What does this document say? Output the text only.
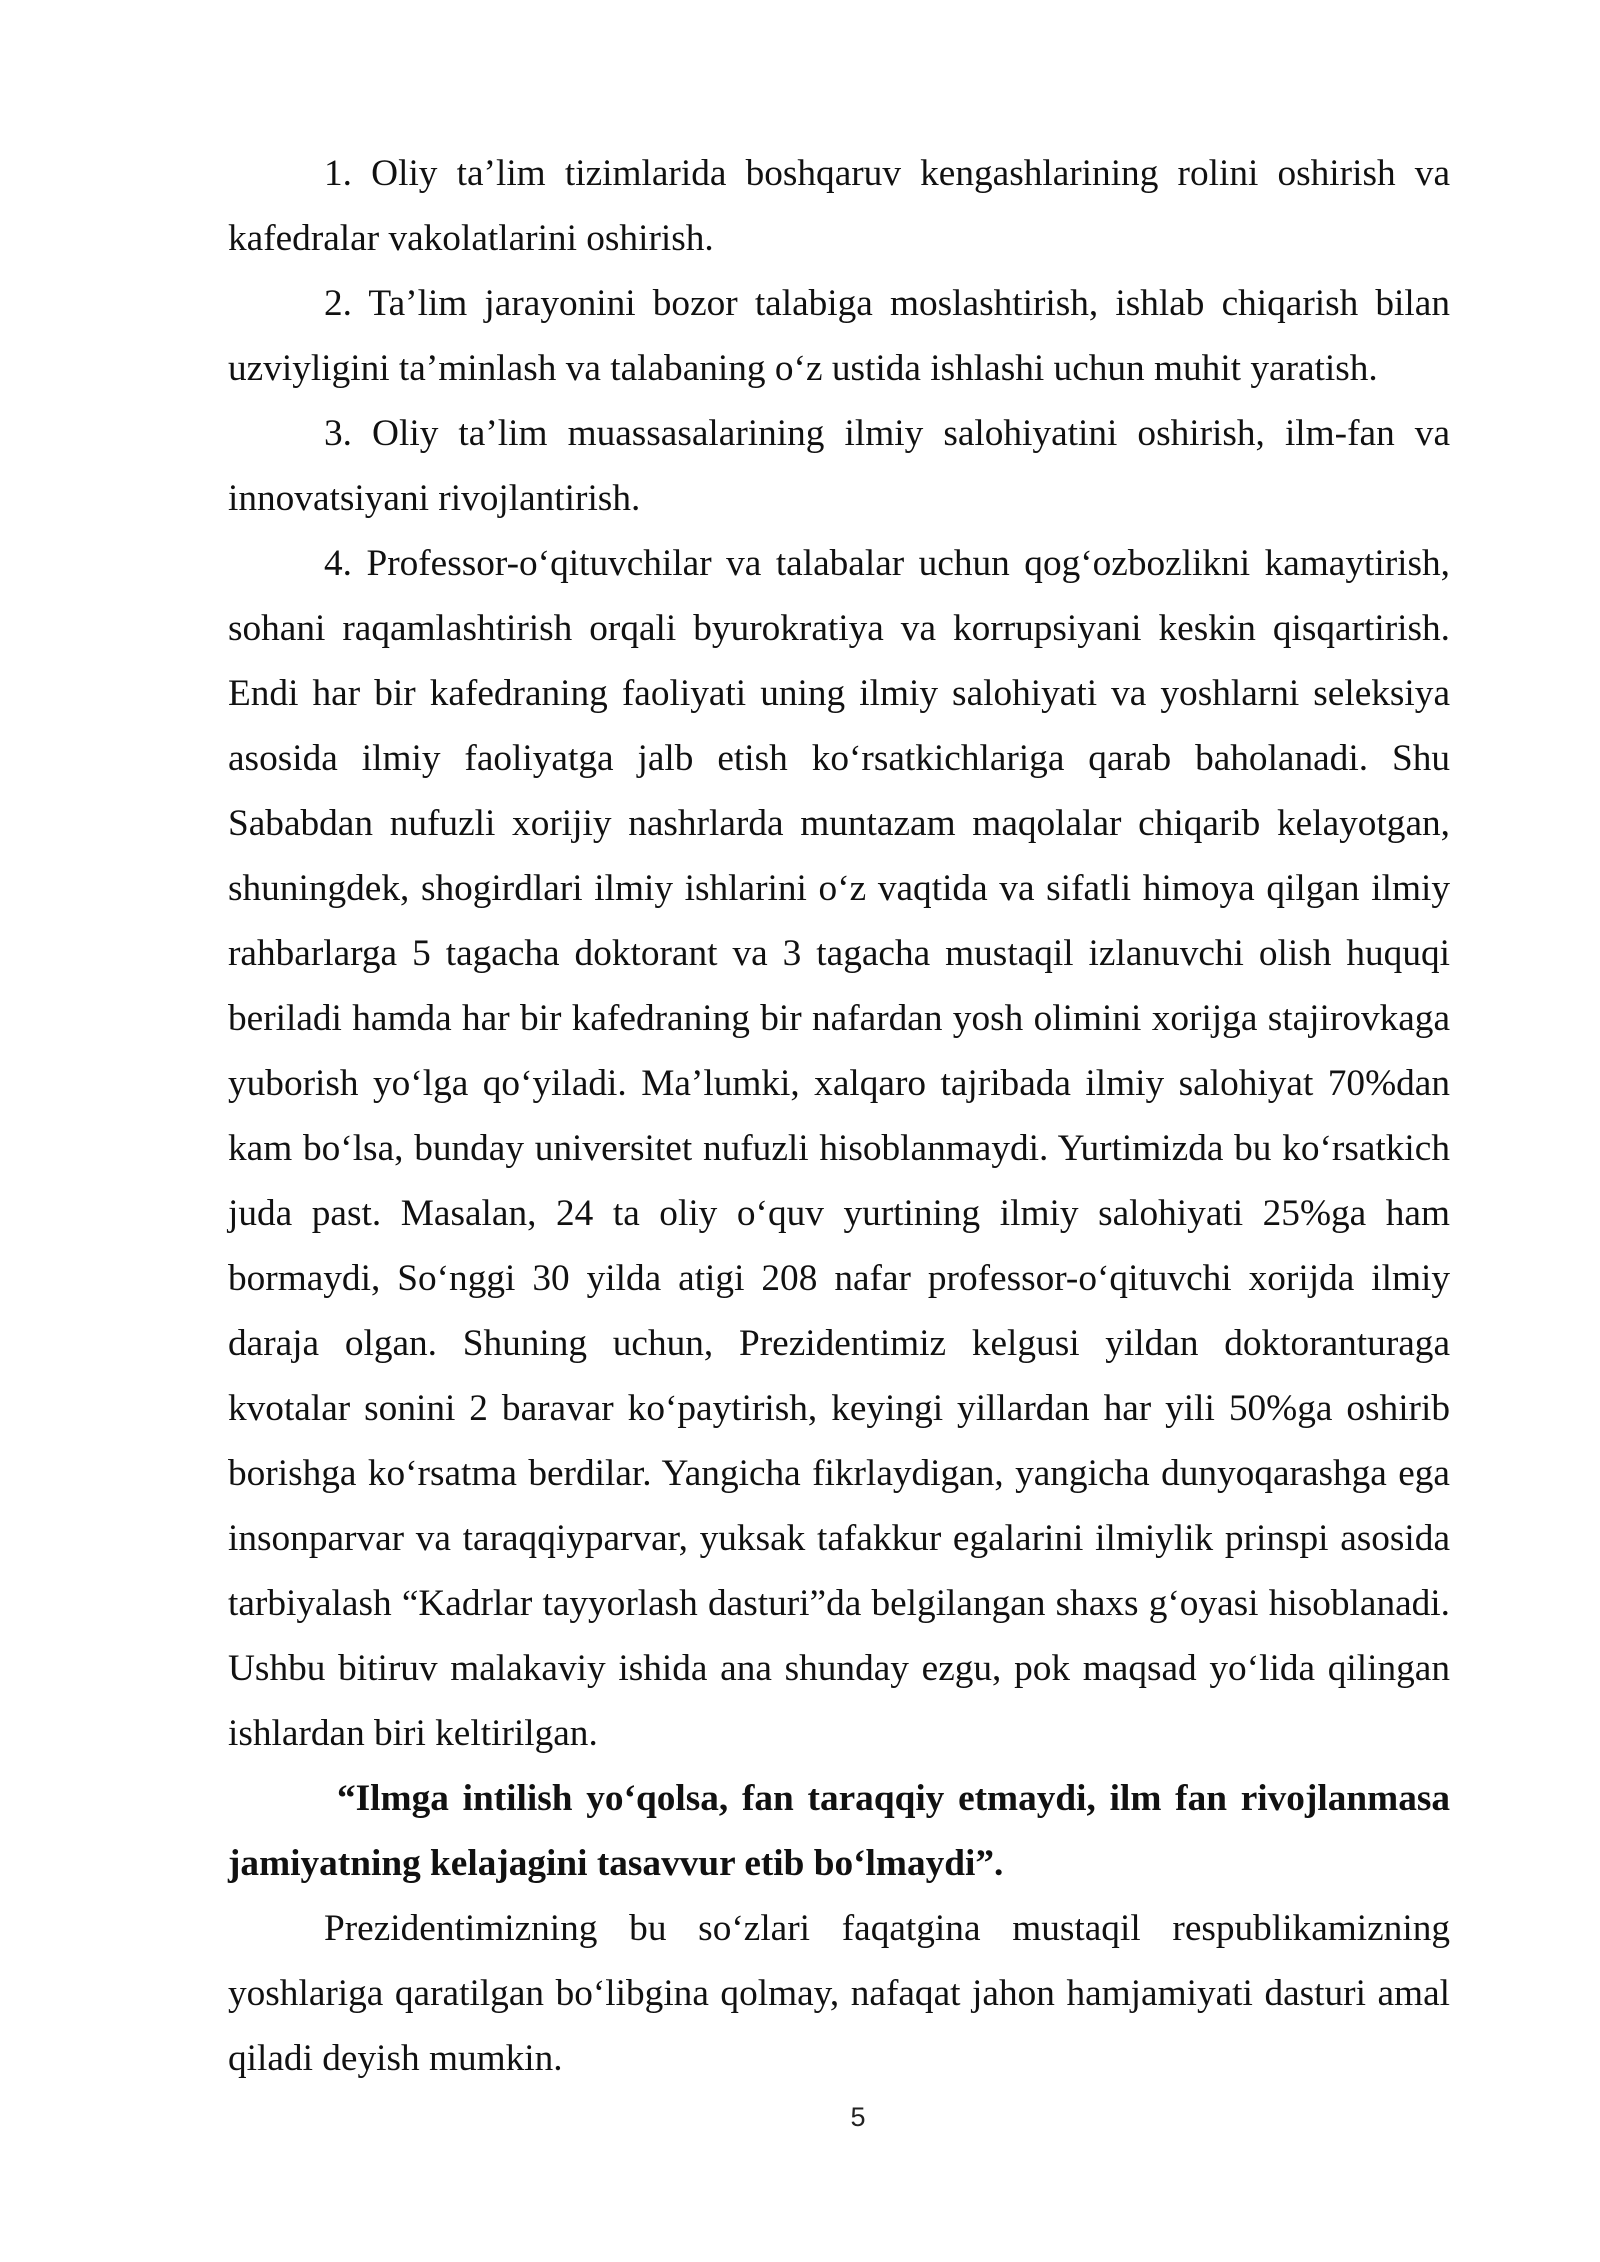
1. Oliy ta’lim tizimlarida boshqaruv kengashlarining rolini oshirish va
kafedralar vakolatlarini oshirish.
2. Ta’lim jarayonini bozor talabiga moslashtirish, ishlab chiqarish bilan
uzviyligini ta’minlash va talabaning o‘z ustida ishlashi uchun muhit yaratish.
3. Oliy ta’lim muassasalarining ilmiy salohiyatini oshirish, ilm-fan va
innovatsiyani rivojlantirish.
4. Professor-o‘qituvchilar va talabalar uchun qog‘ozbozlikni kamaytirish,
sohani raqamlashtirish orqali byurokratiya va korrupsiyani keskin qisqartirish.
Endi har bir kafedraning faoliyati uning ilmiy salohiyati va yoshlarni seleksiya
asosida ilmiy faoliyatga jalb etish ko‘rsatkichlariga qarab baholanadi. Shu
Sababdan nufuzli xorijiy nashrlarda muntazam maqolalar chiqarib kelayotgan,
shuningdek, shogirdlari ilmiy ishlarini o‘z vaqtida va sifatli himoya qilgan ilmiy
rahbarlarga 5 tagacha doktorant va 3 tagacha mustaqil izlanuvchi olish huquqi
beriladi hamda har bir kafedraning bir nafardan yosh olimini xorijga stajirovkaga
yuborish yo‘lga qo‘yiladi. Ma’lumki, xalqaro tajribada ilmiy salohiyat 70%dan
kam bo‘lsa, bunday universitet nufuzli hisoblanmaydi. Yurtimizda bu ko‘rsatkich
juda past. Masalan, 24 ta oliy o‘quv yurtining ilmiy salohiyati 25%ga ham
bormaydi, So‘nggi 30 yilda atigi 208 nafar professor-o‘qituvchi xorijda ilmiy
daraja olgan. Shuning uchun, Prezidentimiz kelgusi yildan doktoranturaga
kvotalar sonini 2 baravar ko‘paytirish, keyingi yillardan har yili 50%ga oshirib
borishga ko‘rsatma berdilar. Yangicha fikrlaydigan, yangicha dunyoqarashga ega
insonparvar va taraqqiyparvar, yuksak tafakkur egalarini ilmiylik prinspi asosida
tarbiyalash “Kadrlar tayyorlash dasturi”da belgilangan shaxs g‘oyasi hisoblanadi.
Ushbu bitiruv malakaviy ishida ana shunday ezgu, pok maqsad yo‘lida qilingan
ishlardan biri keltirilgan.
“Ilmga intilish yo‘qolsa, fan taraqqiy etmaydi, ilm fan rivojlanmasa
jamiyatning kelajagini tasavvur etib bo‘lmaydi”.
Prezidentimizning bu so‘zlari faqatgina mustaqil respublikamizning
yoshlariga qaratilgan bo‘libgina qolmay, nafaqat jahon hamjamiyati dasturi amal
qiladi deyish mumkin.
5
